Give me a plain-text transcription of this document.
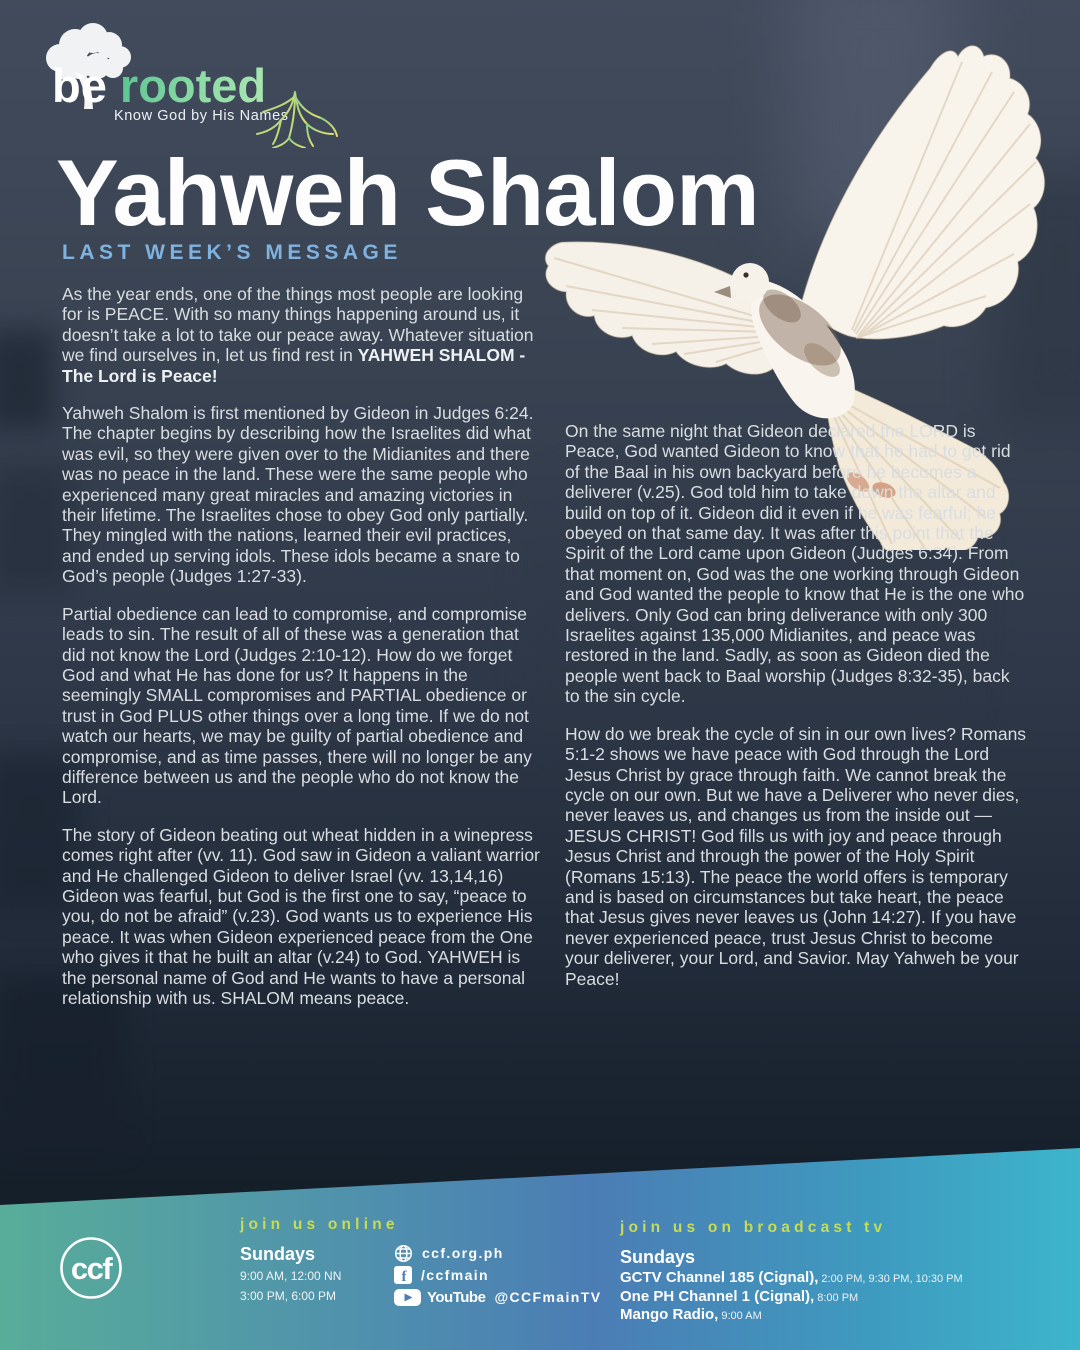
be rooted
Know God by His Names
Yahweh Shalom
LAST WEEK’S MESSAGE

As the year ends, one of the things most people are looking for is PEACE. With so many things happening around us, it doesn’t take a lot to take our peace away. Whatever situation we find ourselves in, let us find rest in YAHWEH SHALOM - The Lord is Peace!

Yahweh Shalom is first mentioned by Gideon in Judges 6:24. The chapter begins by describing how the Israelites did what was evil, so they were given over to the Midianites and there was no peace in the land. These were the same people who experienced many great miracles and amazing victories in their lifetime. The Israelites chose to obey God only partially. They mingled with the nations, learned their evil practices, and ended up serving idols. These idols became a snare to God’s people (Judges 1:27-33).

Partial obedience can lead to compromise, and compromise leads to sin. The result of all of these was a generation that did not know the Lord (Judges 2:10-12). How do we forget God and what He has done for us? It happens in the seemingly SMALL compromises and PARTIAL obedience or trust in God PLUS other things over a long time. If we do not watch our hearts, we may be guilty of partial obedience and compromise, and as time passes, there will no longer be any difference between us and the people who do not know the Lord.

The story of Gideon beating out wheat hidden in a winepress comes right after (vv. 11). God saw in Gideon a valiant warrior and He challenged Gideon to deliver Israel (vv. 13,14,16) Gideon was fearful, but God is the first one to say, “peace to you, do not be afraid” (v.23). God wants us to experience His peace. It was when Gideon experienced peace from the One who gives it that he built an altar (v.24) to God. YAHWEH is the personal name of God and He wants to have a personal relationship with us. SHALOM means peace.

On the same night that Gideon declared the LORD is Peace, God wanted Gideon to know that he had to get rid of the Baal in his own backyard before he becomes a deliverer (v.25). God told him to take down the altar and build on top of it. Gideon did it even if he was fearful; he obeyed on that same day. It was after this point that the Spirit of the Lord came upon Gideon (Judges 6:34). From that moment on, God was the one working through Gideon and God wanted the people to know that He is the one who delivers. Only God can bring deliverance with only 300 Israelites against 135,000 Midianites, and peace was restored in the land. Sadly, as soon as Gideon died the people went back to Baal worship (Judges 8:32-35), back to the sin cycle.

How do we break the cycle of sin in our own lives? Romans 5:1-2 shows we have peace with God through the Lord Jesus Christ by grace through faith. We cannot break the cycle on our own. But we have a Deliverer who never dies, never leaves us, and changes us from the inside out — JESUS CHRIST! God fills us with joy and peace through Jesus Christ and through the power of the Holy Spirit (Romans 15:13). The peace the world offers is temporary and is based on circumstances but take heart, the peace that Jesus gives never leaves us (John 14:27). If you have never experienced peace, trust Jesus Christ to become your deliverer, your Lord, and Savior. May Yahweh be your Peace!

ccf
join us online
Sundays
9:00 AM, 12:00 NN
3:00 PM, 6:00 PM
ccf.org.ph
f /ccfmain
YouTube @CCFmainTV
join us on broadcast tv
Sundays
GCTV Channel 185 (Cignal), 2:00 PM, 9:30 PM, 10:30 PM
One PH Channel 1 (Cignal), 8:00 PM
Mango Radio, 9:00 AM
